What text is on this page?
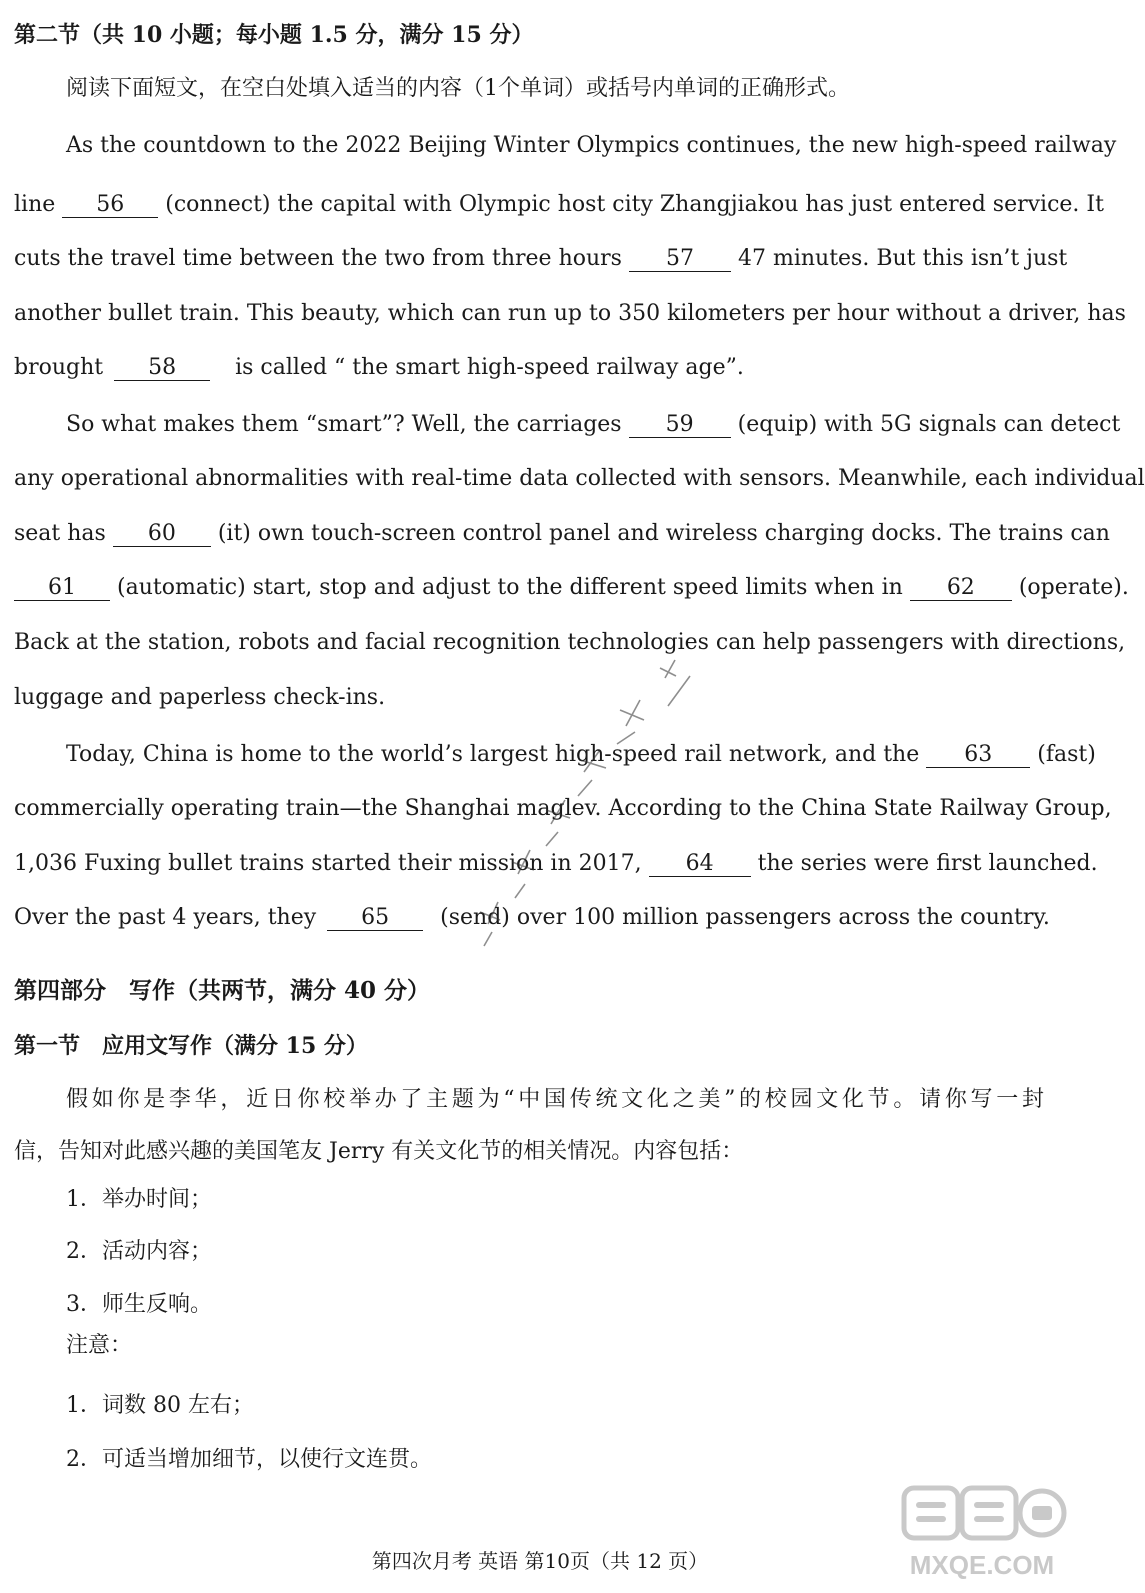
第二节（共 10 小题；每小题 1.5 分，满分 15 分）
阅读下面短文，在空白处填入适当的内容（1个单词）或括号内单词的正确形式。
As the countdown to the 2022 Beijing Winter Olympics continues, the new high-speed railway
line 56 (connect) the capital with Olympic host city Zhangjiakou has just entered service. It
cuts the travel time between the two from three hours 57 47 minutes. But this isn’t just
another bullet train. This beauty, which can run up to 350 kilometers per hour without a driver, has
brought 58	is called “ the smart high-speed railway age”.
So what makes them “smart”? Well, the carriages 59 (equip) with 5G signals can detect
any operational abnormalities with real-time data collected with sensors. Meanwhile, each individual
seat has 60 (it) own touch-screen control panel and wireless charging docks. The trains can
61 (automatic) start, stop and adjust to the different speed limits when in 62 (operate).
Back at the station, robots and facial recognition technologies can help passengers with directions,
luggage and paperless check-ins.
Today, China is home to the world’s largest high-speed rail network, and the 63 (fast)
commercially operating train—the Shanghai maglev. According to the China State Railway Group,
1,036 Fuxing bullet trains started their mission in 2017, 64 the series were first launched.
Over the past 4 years, they 65 (send) over 100 million passengers across the country.
第四部分　写作（共两节，满分 40 分）
第一节　应用文写作（满分 15 分）
假如你是李华，近日你校举办了主题为“中国传统文化之美”的校园文化节。请你写一封
信，告知对此感兴趣的美国笔友 Jerry 有关文化节的相关情况。内容包括：
1．举办时间；
2．活动内容；
3．师生反响。
注意：
1．词数 80 左右；
2．可适当增加细节，以使行文连贯。
MXQE.COM
第四次月考 英语 第10页（共 12 页）
